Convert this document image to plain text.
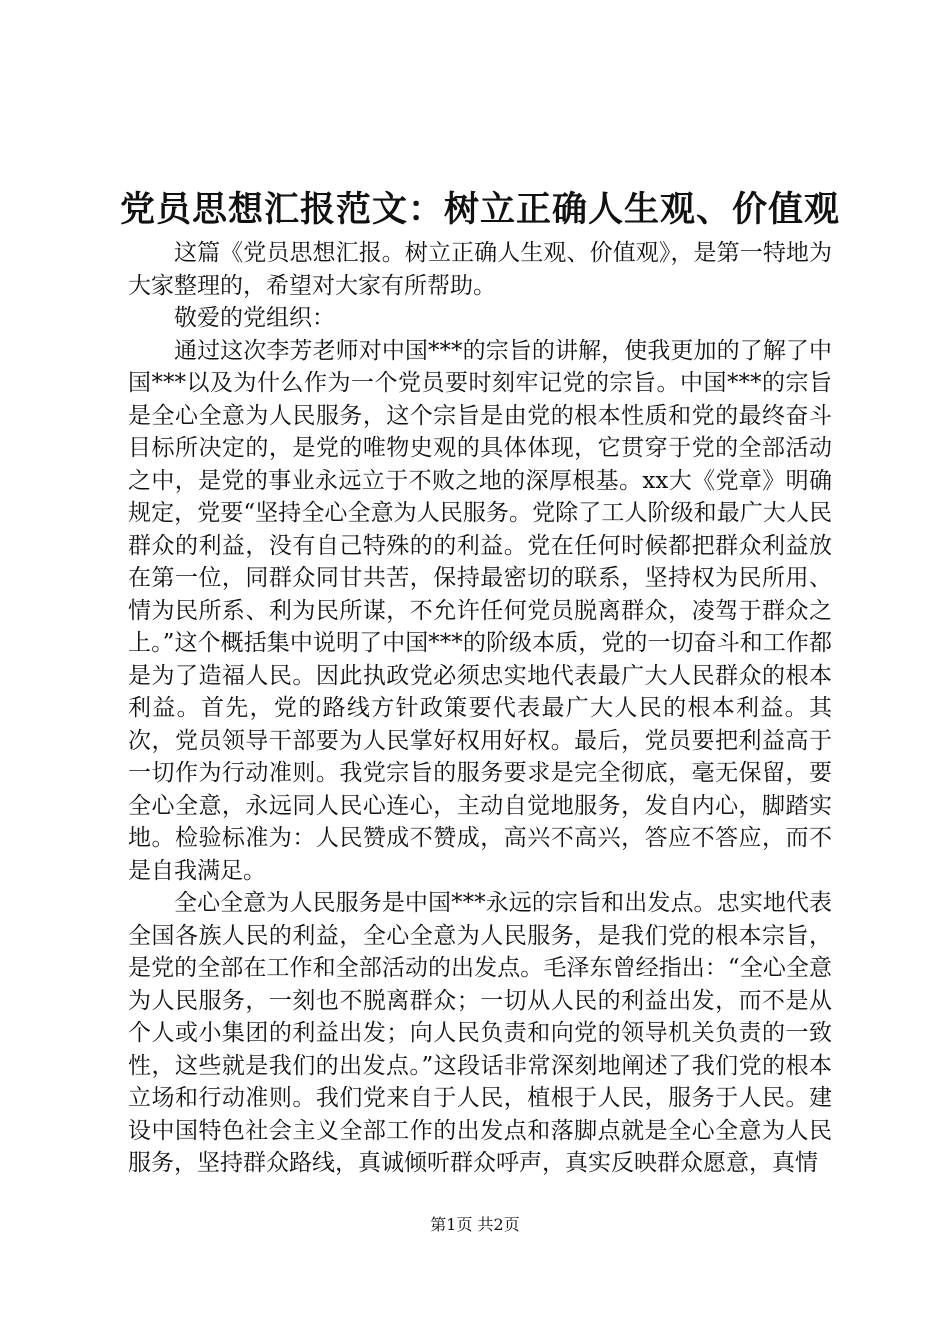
党员思想汇报范文：树立正确人生观、价值观

这篇《党员思想汇报。树立正确人生观、价值观》，是第一特地为大家整理的，希望对大家有所帮助。

敬爱的党组织：

通过这次李芳老师对中国***的宗旨的讲解，使我更加的了解了中国***以及为什么作为一个党员要时刻牢记党的宗旨。中国***的宗旨是全心全意为人民服务，这个宗旨是由党的根本性质和党的最终奋斗目标所决定的，是党的唯物史观的具体体现，它贯穿于党的全部活动之中，是党的事业永远立于不败之地的深厚根基。xx大《党章》明确规定，党要“坚持全心全意为人民服务。党除了工人阶级和最广大人民群众的利益，没有自己特殊的的利益。党在任何时候都把群众利益放在第一位，同群众同甘共苦，保持最密切的联系，坚持权为民所用、情为民所系、利为民所谋，不允许任何党员脱离群众，凌驾于群众之上。”这个概括集中说明了中国***的阶级本质，党的一切奋斗和工作都是为了造福人民。因此执政党必须忠实地代表最广大人民群众的根本利益。首先，党的路线方针政策要代表最广大人民的根本利益。其次，党员领导干部要为人民掌好权用好权。最后，党员要把利益高于一切作为行动准则。我党宗旨的服务要求是完全彻底，毫无保留，要全心全意，永远同人民心连心，主动自觉地服务，发自内心，脚踏实地。检验标准为：人民赞成不赞成，高兴不高兴，答应不答应，而不是自我满足。

全心全意为人民服务是中国***永远的宗旨和出发点。忠实地代表全国各族人民的利益，全心全意为人民服务，是我们党的根本宗旨，是党的全部在工作和全部活动的出发点。毛泽东曾经指出：“全心全意为人民服务，一刻也不脱离群众；一切从人民的利益出发，而不是从个人或小集团的利益出发；向人民负责和向党的领导机关负责的一致性，这些就是我们的出发点。”这段话非常深刻地阐述了我们党的根本立场和行动准则。我们党来自于人民，植根于人民，服务于人民。建设中国特色社会主义全部工作的出发点和落脚点就是全心全意为人民服务，坚持群众路线，真诚倾听群众呼声，真实反映群众愿意，真情

第1页 共2页
